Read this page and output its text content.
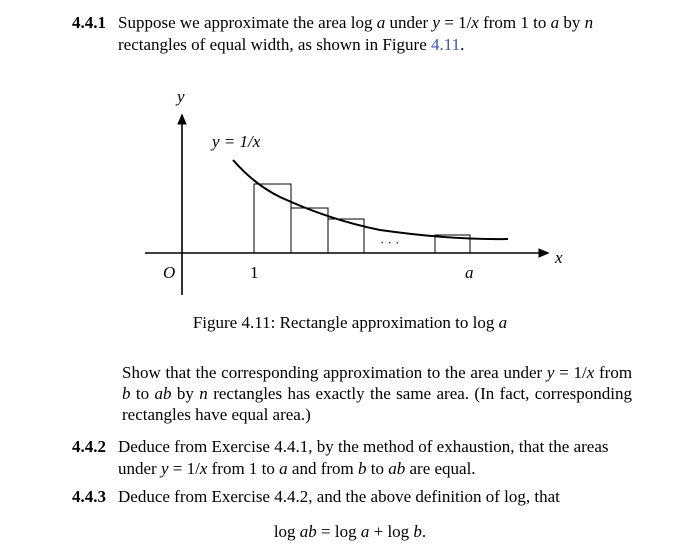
4.4.1 Suppose we approximate the area log a under y = 1/x from 1 to a by n
rectangles of equal width, as shown in Figure 4.11.
y
x
O
y = 1/x
1	a
· · ·
Figure 4.11: Rectangle approximation to log a
Show that the corresponding approximation to the area under y = 1/x from b to ab by n rectangles has exactly the same area. (In fact, corresponding rectangles have equal area.)
4.4.2 Deduce from Exercise 4.4.1, by the method of exhaustion, that the areas
under y = 1/x from 1 to a and from b to ab are equal.
4.4.3 Deduce from Exercise 4.4.2, and the above definition of log, that
log ab = log a + log b.
